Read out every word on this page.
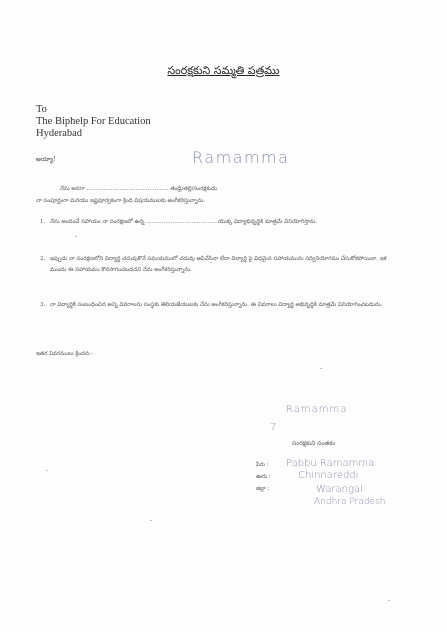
సంరక్షకుని సమ్మతి పత్రము
To
The Biphelp For Education
Hyderabad
అయ్యా!	Ramamma
నేను అనగా ............................................... తండ్రి/తల్లి/సంరక్షకుడు
నా సంపూర్ణంగా మరియు ఇష్టపూర్వకంగా క్రింది విషయములకు అంగీకరిస్తున్నాను.
1. నేను అందించే సహాయం నా సంరక్షణలో ఉన్న .........................................యొక్క విద్యాభివృద్ధికి మాత్రమే వినియోగిస్తాను.
2. ఇప్పుడు నా సంరక్షణలోని విద్యార్థి చదువుకొనే సమయములో చదువు ఆపివేసినా లేదా విద్యార్థి పై విధమైన సహాయమును సద్వినియోగము చేసుకోకపోయినా, ఇక ముందు ఈ సహాయము కొనసాగించబడదని నేను అంగీకరిస్తున్నాను.
3. నా విద్యార్థికి సంబంధించిన అన్ని వివరాలను సంస్థకు తెలియజేయుటకు నేను అంగీకరిస్తున్నాను. ఈ వివరాలు విద్యార్థి అభివృద్ధికి మాత్రమే వినియోగించబడును.
ఇతర వివరములు క్రిందన:-
7
Ramamma
సంరక్షకుని సంతకం
పేరు : Pabbu Ramamma
ఊరు :	Chinnareddi
జిల్లా :	Warangal
Andhra Pradesh
